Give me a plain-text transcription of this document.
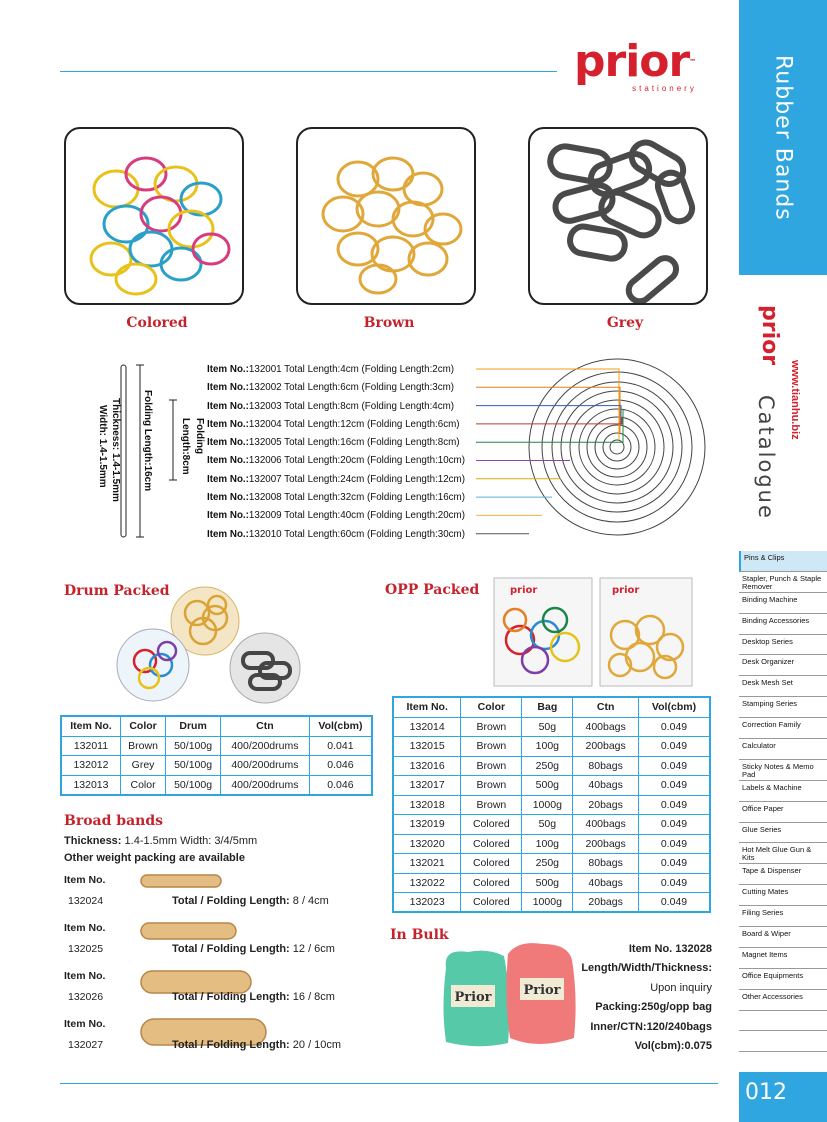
prior™
stationery	Rubber Bands
prior
www.tianhu.biz
Catalogue
Pins & Clips
Stapler, Punch & Staple Remover
Binding Machine
Binding Accessories
Desktop Series
Desk Organizer
Desk Mesh Set
Stamping Series
Correction Family
Calculator
Sticky Notes & Memo Pad
Labels & Machine
Office Paper
Glue Series
Hot Melt Glue Gun & Kits
Tape & Dispenser
Cutting Mates
Filing Series
Board & Wiper
Magnet Items
Office Equipments
Other Accessories
012
Colored	Brown	Grey
Folding
Length:8cm
Folding Length:16cm
Thickness: 1.4-1.5mm
Width: 1.4-1.5mm
Item No.:132001 Total Length:4cm (Folding Length:2cm)
Item No.:132002 Total Length:6cm (Folding Length:3cm)
Item No.:132003 Total Length:8cm (Folding Length:4cm)
Item No.:132004 Total Length:12cm (Folding Length:6cm)
Item No.:132005 Total Length:16cm (Folding Length:8cm)
Item No.:132006 Total Length:20cm (Folding Length:10cm)
Item No.:132007 Total Length:24cm (Folding Length:12cm)
Item No.:132008 Total Length:32cm (Folding Length:16cm)
Item No.:132009 Total Length:40cm (Folding Length:20cm)
Item No.:132010 Total Length:60cm (Folding Length:30cm)
Drum Packed
Item No.	Color	Drum	Ctn	Vol(cbm)
132011	Brown	50/100g	400/200drums	0.041
132012	Grey	50/100g	400/200drums	0.046
132013	Color	50/100g	400/200drums	0.046
OPP Packed	prior	prior
Item No.	Color	Bag	Ctn	Vol(cbm)
132014	Brown	50g	400bags	0.049
132015	Brown	100g	200bags	0.049
132016	Brown	250g	80bags	0.049
132017	Brown	500g	40bags	0.049
132018	Brown	1000g	20bags	0.049
132019	Colored	50g	400bags	0.049
132020	Colored	100g	200bags	0.049
132021	Colored	250g	80bags	0.049
132022	Colored	500g	40bags	0.049
132023	Colored	1000g	20bags	0.049
Broad bands
Thickness: 1.4-1.5mm Width: 3/4/5mm
Other weight packing are available
Item No.
132024	Total / Folding Length: 8 / 4cm
Item No.
132025	Total / Folding Length: 12 / 6cm
Item No.
132026	Total / Folding Length: 16 / 8cm
Item No.
132027	Total / Folding Length: 20 / 10cm
In Bulk
Prior Prior
Item No. 132028
Length/Width/Thickness:
Upon inquiry
Packing:250g/opp bag
Inner/CTN:120/240bags
Vol(cbm):0.075
